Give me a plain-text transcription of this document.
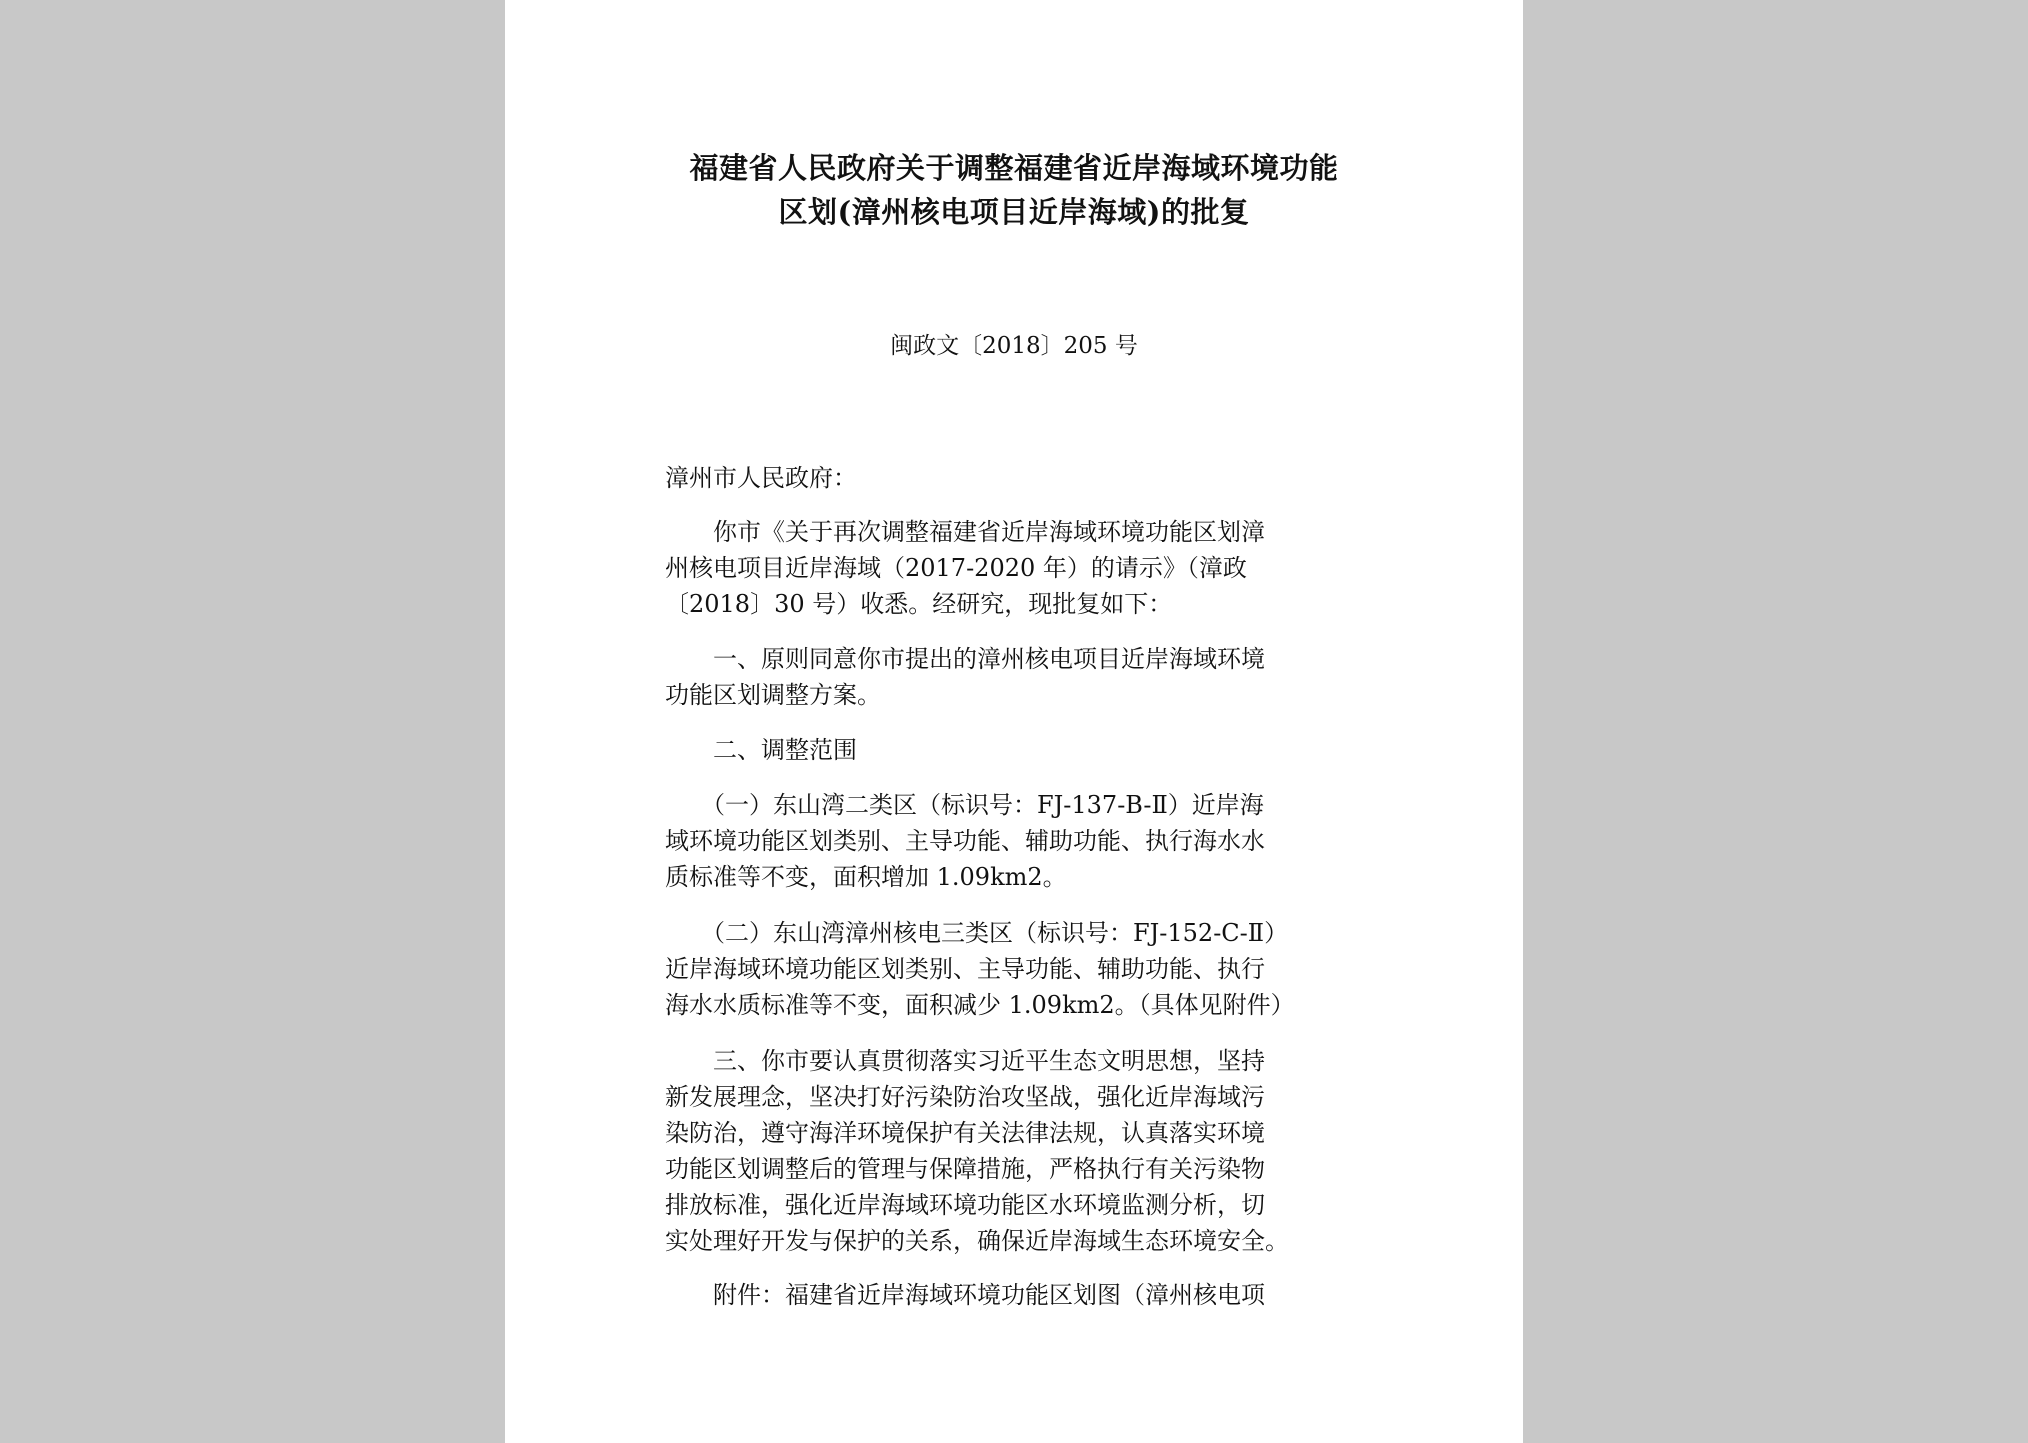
福建省人民政府关于调整福建省近岸海域环境功能
区划(漳州核电项目近岸海域)的批复
闽政文〔2018〕205 号
漳州市人民政府：
　　你市《关于再次调整福建省近岸海域环境功能区划漳
州核电项目近岸海域（2017-2020 年）的请示》（漳政
〔2018〕30 号）收悉。经研究，现批复如下：
　　一、原则同意你市提出的漳州核电项目近岸海域环境
功能区划调整方案。
　　二、调整范围
　　（一）东山湾二类区（标识号：FJ-137-B-Ⅱ）近岸海
域环境功能区划类别、主导功能、辅助功能、执行海水水
质标准等不变，面积增加 1.09km2。
　　（二）东山湾漳州核电三类区（标识号：FJ-152-C-Ⅱ）
近岸海域环境功能区划类别、主导功能、辅助功能、执行
海水水质标准等不变，面积减少 1.09km2。（具体见附件）
　　三、你市要认真贯彻落实习近平生态文明思想，坚持
新发展理念，坚决打好污染防治攻坚战，强化近岸海域污
染防治，遵守海洋环境保护有关法律法规，认真落实环境
功能区划调整后的管理与保障措施，严格执行有关污染物
排放标准，强化近岸海域环境功能区水环境监测分析，切
实处理好开发与保护的关系，确保近岸海域生态环境安全。
　　附件：福建省近岸海域环境功能区划图（漳州核电项
